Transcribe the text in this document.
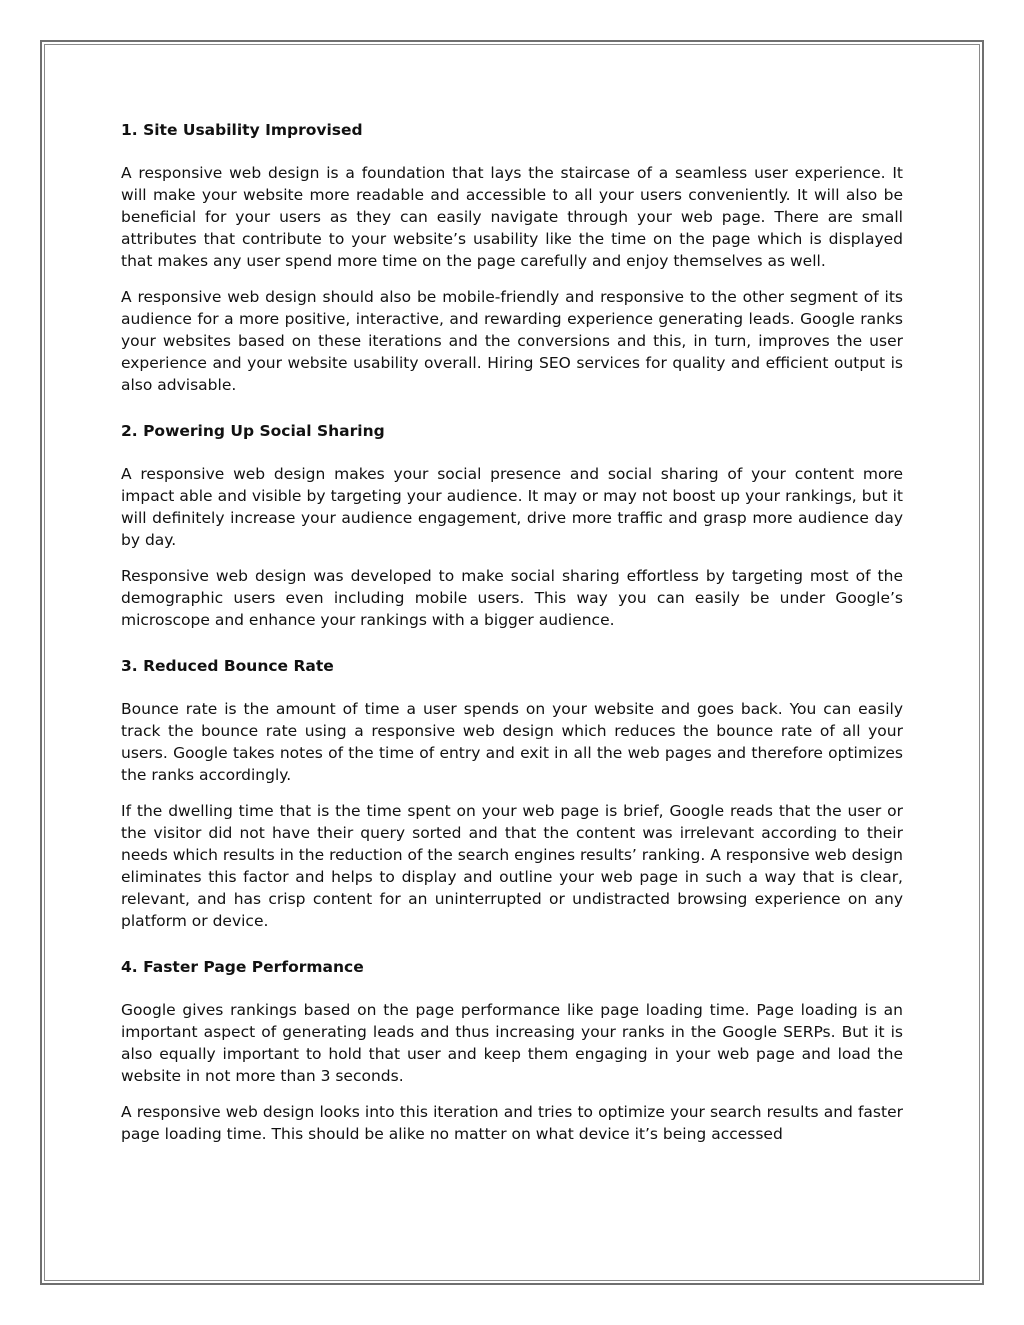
1. Site Usability Improvised

A responsive web design is a foundation that lays the staircase of a seamless user experience. It will make your website more readable and accessible to all your users conveniently. It will also be beneficial for your users as they can easily navigate through your web page. There are small attributes that contribute to your website’s usability like the time on the page which is displayed that makes any user spend more time on the page carefully and enjoy themselves as well.

A responsive web design should also be mobile-friendly and responsive to the other segment of its audience for a more positive, interactive, and rewarding experience generating leads. Google ranks your websites based on these iterations and the conversions and this, in turn, improves the user experience and your website usability overall. Hiring SEO services for quality and efficient output is also advisable.

2. Powering Up Social Sharing

A responsive web design makes your social presence and social sharing of your content more impact able and visible by targeting your audience. It may or may not boost up your rankings, but it will definitely increase your audience engagement, drive more traffic and grasp more audience day by day.

Responsive web design was developed to make social sharing effortless by targeting most of the demographic users even including mobile users. This way you can easily be under Google’s microscope and enhance your rankings with a bigger audience.

3. Reduced Bounce Rate

Bounce rate is the amount of time a user spends on your website and goes back. You can easily track the bounce rate using a responsive web design which reduces the bounce rate of all your users. Google takes notes of the time of entry and exit in all the web pages and therefore optimizes the ranks accordingly.

If the dwelling time that is the time spent on your web page is brief, Google reads that the user or the visitor did not have their query sorted and that the content was irrelevant according to their needs which results in the reduction of the search engines results’ ranking. A responsive web design eliminates this factor and helps to display and outline your web page in such a way that is clear, relevant, and has crisp content for an uninterrupted or undistracted browsing experience on any platform or device.

4. Faster Page Performance

Google gives rankings based on the page performance like page loading time. Page loading is an important aspect of generating leads and thus increasing your ranks in the Google SERPs. But it is also equally important to hold that user and keep them engaging in your web page and load the website in not more than 3 seconds.

A responsive web design looks into this iteration and tries to optimize your search results and faster page loading time. This should be alike no matter on what device it’s being accessed
